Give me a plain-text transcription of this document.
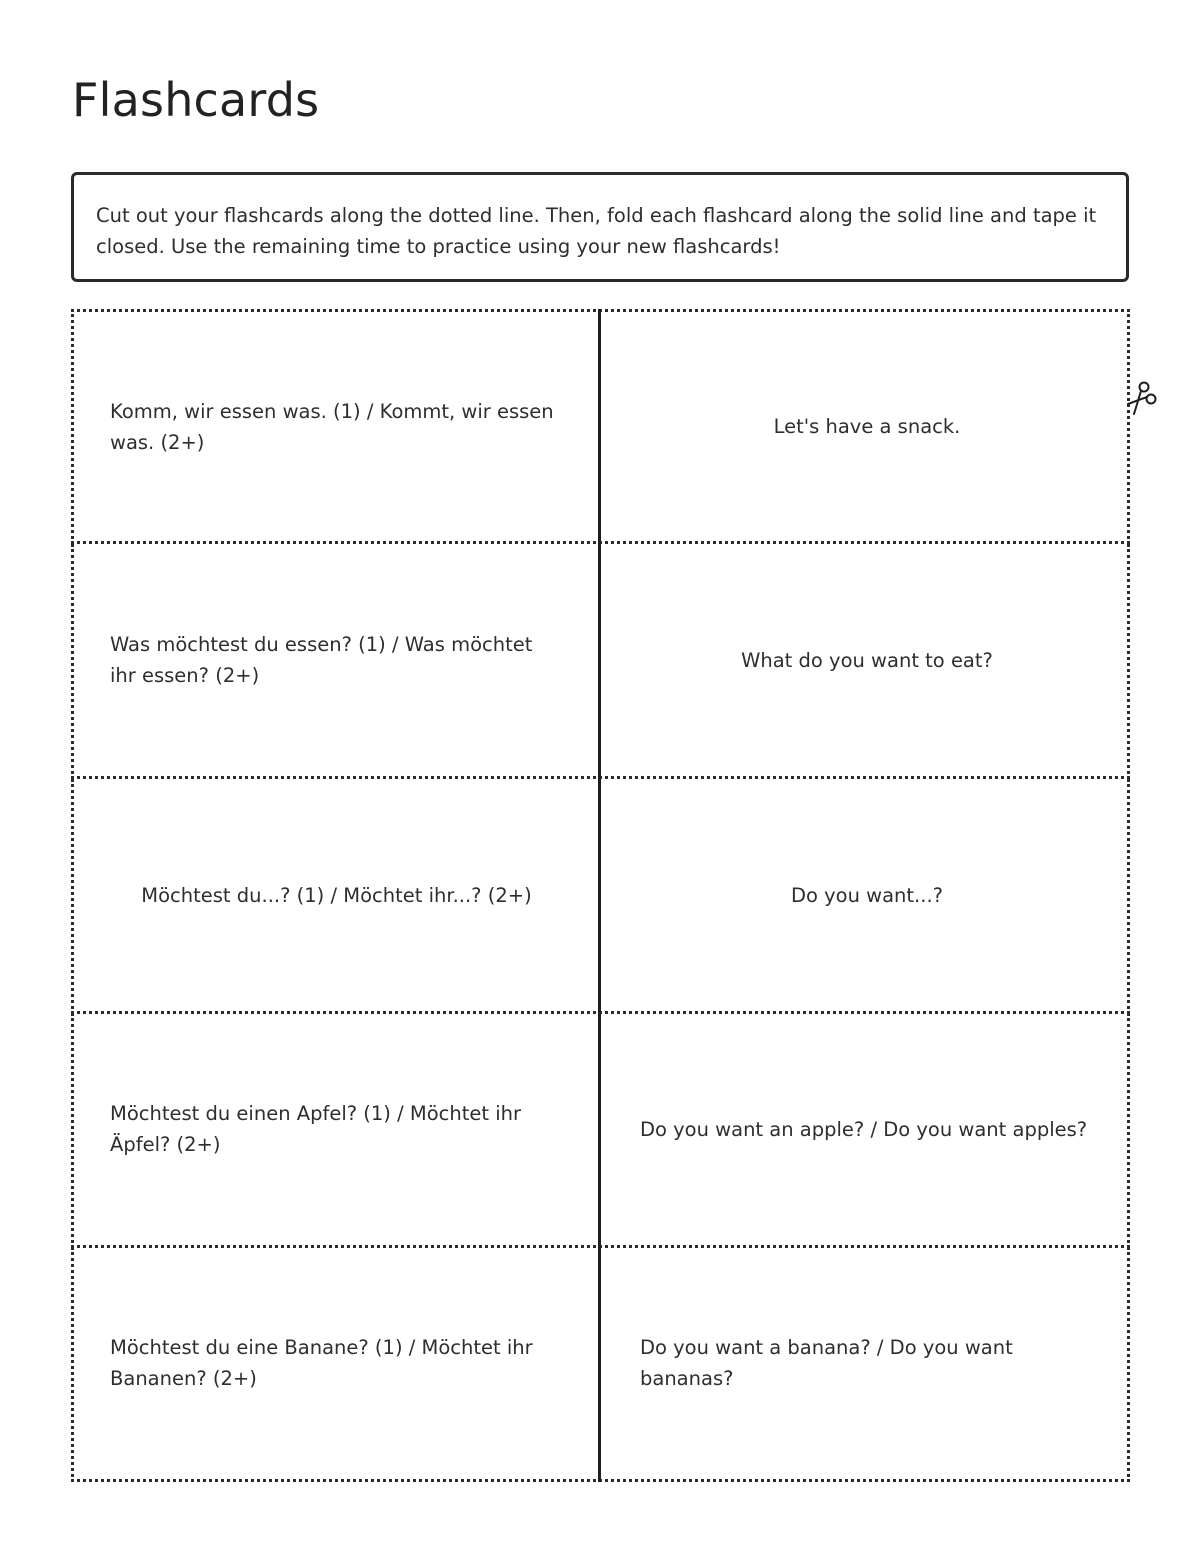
Flashcards
Cut out your flashcards along the dotted line. Then, fold each flashcard along the solid line and tape it closed. Use the remaining time to practice using your new flashcards!
Komm, wir essen was. (1) / Kommt, wir essen was. (2+)
Let's have a snack.
Was möchtest du essen? (1) / Was möchtet ihr essen? (2+)
What do you want to eat?
Möchtest du...? (1) / Möchtet ihr...? (2+)	Do you want...?
Möchtest du einen Apfel? (1) / Möchtet ihr Äpfel? (2+)
Do you want an apple? / Do you want apples?
Möchtest du eine Banane? (1) / Möchtet ihr Bananen? (2+)
Do you want a banana? / Do you want bananas?
